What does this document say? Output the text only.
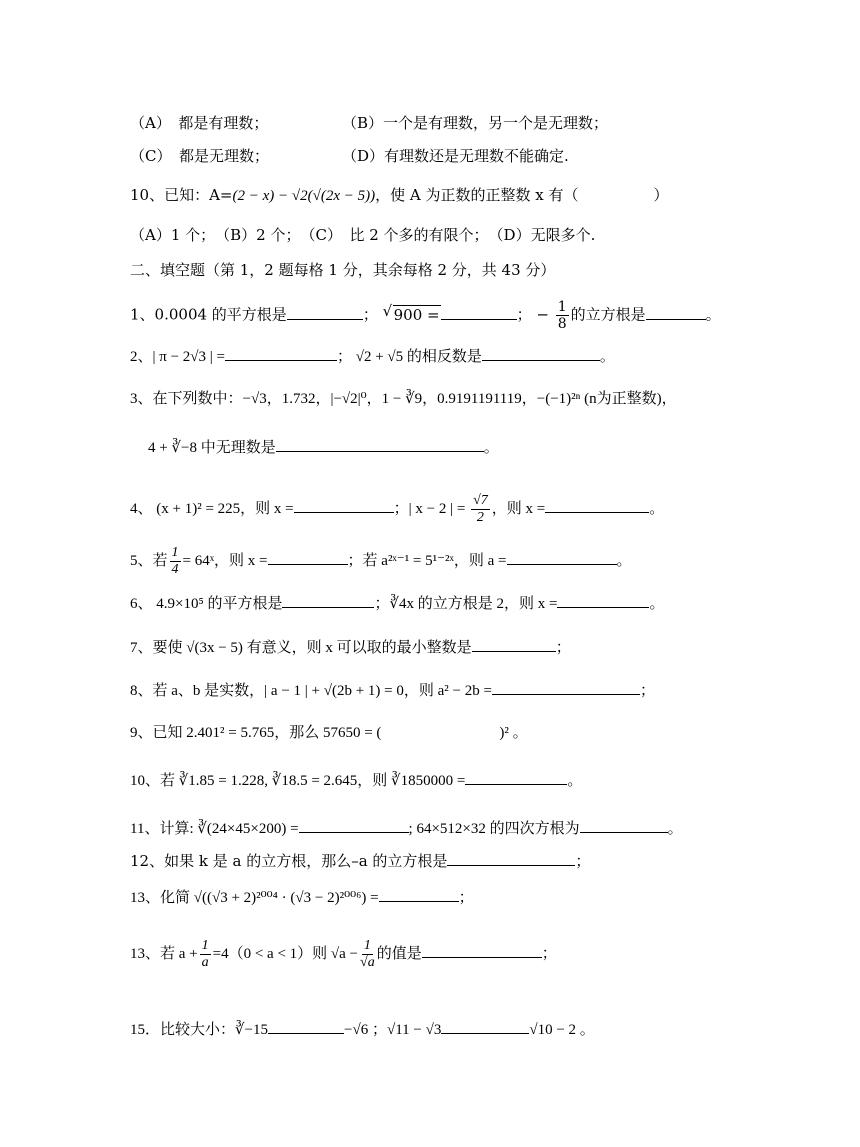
（A）　都是有理数；	（B）一个是有理数，另一个是无理数；
（C）　都是无理数；	（D）有理数还是无理数不能确定.
10、已知：A=(2 − x) − √2(√(2x − 5))，使 A 为正数的正整数 x 有（　　　　　）
（A）1 个；　（B）2 个；　（C）　比 2 个多的有限个；　（D）无限多个.
二、填空题（第 1，2 题每格 1 分，其余每格 2 分，共 43 分）
1、0.0004 的平方根是	； √ 900 =	； − $\frac{1}{8}$ 的立方根是	。
2、| π − 2√3 | =	； √2 + √5 的相反数是	。
3、在下列数中：−√3，1.732，|−√2|⁰，1 − ∛9，0.9191191119，−(−1)²ⁿ (n为正整数)，
4 + ∛−8 中无理数是	。
4、 (x + 1)² = 225，则 x =	；| x − 2 | = $\frac{√7}{2}$ ，则 x =	。
5、若 $\frac{1}{4}$ = 64ˣ，则 x =	；若 a²ˣ⁻¹ = 5¹⁻²ˣ，则 a =	。
6、 4.9×10⁵ 的平方根是	；∛4x 的立方根是 2，则 x =	。
7、要使 √(3x − 5) 有意义，则 x 可以取的最小整数是	；
8、若 a、b 是实数，| a − 1 | + √(2b + 1) = 0，则 a² − 2b =	；
9、已知 2.401² = 5.765，那么 57650 = (	)² 。
10、若 ∛1.85 = 1.228, ∛18.5 = 2.645，则 ∛1850000 =	。
11、计算: ∛(24×45×200) =	; 64×512×32 的四次方根为	。
12、如果 k 是 a 的立方根，那么–a 的立方根是	；
13、化简 √((√3 + 2)²⁰⁰⁴ · (√3 − 2)²⁰⁰⁶) =	；
13、若 $a + \frac{1}{a} =4(0 < a < 1)$则 $√a - \frac{1}{√a}$ 的值是	；
15．比较大小：∛−15	−√6 ；√11 − √3	√10 − 2 。
